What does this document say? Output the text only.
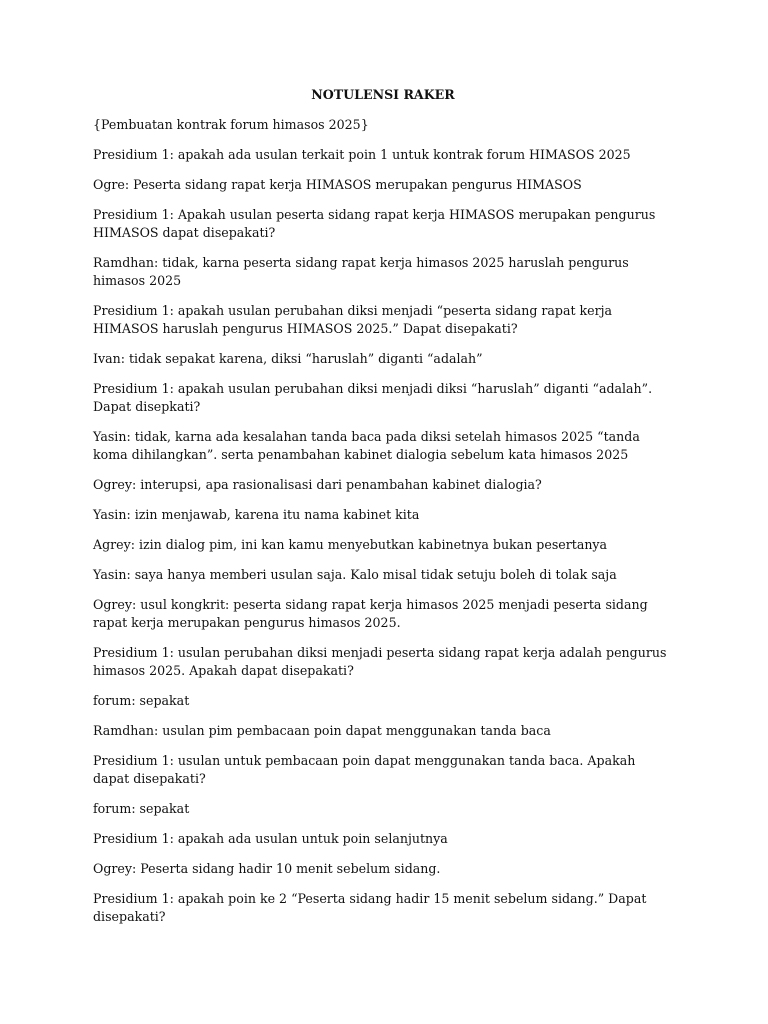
NOTULENSI RAKER

{Pembuatan kontrak forum himasos 2025}

Presidium 1: apakah ada usulan terkait poin 1 untuk kontrak forum HIMASOS 2025

Ogre: Peserta sidang rapat kerja HIMASOS merupakan pengurus HIMASOS

Presidium 1: Apakah usulan peserta sidang rapat kerja HIMASOS merupakan pengurus HIMASOS dapat disepakati?

Ramdhan: tidak, karna peserta sidang rapat kerja himasos 2025 haruslah pengurus himasos 2025

Presidium 1: apakah usulan perubahan diksi menjadi “peserta sidang rapat kerja HIMASOS haruslah pengurus HIMASOS 2025.” Dapat disepakati?

Ivan: tidak sepakat karena, diksi “haruslah” diganti “adalah”

Presidium 1: apakah usulan perubahan diksi menjadi diksi “haruslah” diganti “adalah”. Dapat disepkati?

Yasin: tidak, karna ada kesalahan tanda baca pada diksi setelah himasos 2025 “tanda koma dihilangkan”. serta penambahan kabinet dialogia sebelum kata himasos 2025

Ogrey: interupsi, apa rasionalisasi dari penambahan kabinet dialogia?

Yasin: izin menjawab, karena itu nama kabinet kita

Agrey: izin dialog pim, ini kan kamu menyebutkan kabinetnya bukan pesertanya

Yasin: saya hanya memberi usulan saja. Kalo misal tidak setuju boleh di tolak saja

Ogrey: usul kongkrit: peserta sidang rapat kerja himasos 2025 menjadi peserta sidang rapat kerja merupakan pengurus himasos 2025.

Presidium 1: usulan perubahan diksi menjadi peserta sidang rapat kerja adalah pengurus himasos 2025. Apakah dapat disepakati?

forum: sepakat

Ramdhan: usulan pim pembacaan poin dapat menggunakan tanda baca

Presidium 1: usulan untuk pembacaan poin dapat menggunakan tanda baca. Apakah dapat disepakati?

forum: sepakat

Presidium 1: apakah ada usulan untuk poin selanjutnya

Ogrey: Peserta sidang hadir 10 menit sebelum sidang.

Presidium 1: apakah poin ke 2 “Peserta sidang hadir 15 menit sebelum sidang.” Dapat disepakati?
